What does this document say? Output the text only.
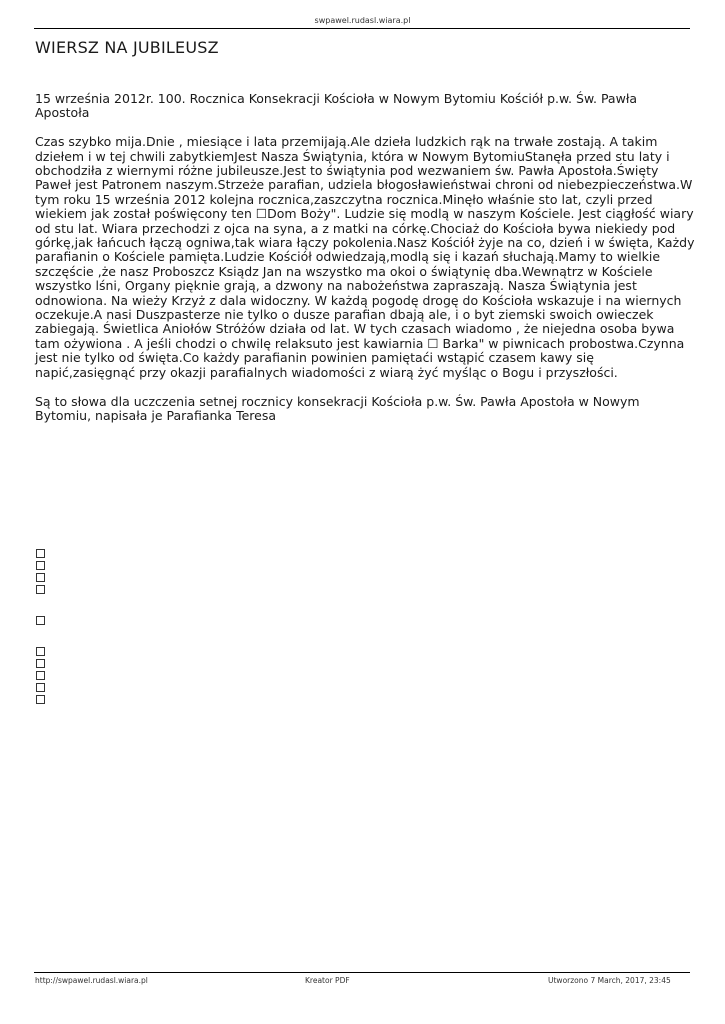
swpawel.rudasl.wiara.pl
WIERSZ NA JUBILEUSZ

15 września 2012r. 100. Rocznica Konsekracji Kościoła w Nowym Bytomiu Kościół p.w. Św. Pawła Apostoła

Czas szybko mija.Dnie , miesiące i lata przemijają.Ale dzieła ludzkich rąk na trwałe zostają. A takim dziełem i w tej chwili zabytkiemJest Nasza Świątynia, która w Nowym BytomiuStanęła przed stu laty i obchodziła z wiernymi różne jubileusze.Jest to świątynia pod wezwaniem św. Pawła Apostoła.Święty Paweł jest Patronem naszym.Strzeże parafian, udziela błogosławieństwai chroni od niebezpieczeństwa.W tym roku 15 września 2012 kolejna rocznica,zaszczytna rocznica.Minęło właśnie sto lat, czyli przed wiekiem jak został poświęcony ten ☐Dom Boży". Ludzie się modlą w naszym Kościele. Jest ciągłość wiary od stu lat. Wiara przechodzi z ojca na syna, a z matki na córkę.Chociaż do Kościoła bywa niekiedy pod górkę,jak łańcuch łączą ogniwa,tak wiara łączy pokolenia.Nasz Kościół żyje na co, dzień i w święta, Każdy parafianin o Kościele pamięta.Ludzie Kościół odwiedzają,modlą się i kazań słuchają.Mamy to wielkie szczęście ,że nasz Proboszcz Ksiądz Jan na wszystko ma okoi o świątynię dba.Wewnątrz w Kościele wszystko lśni, Organy pięknie grają, a dzwony na nabożeństwa zapraszają. Nasza Świątynia jest odnowiona. Na wieży Krzyż z dala widoczny. W każdą pogodę drogę do Kościoła wskazuje i na wiernych oczekuje.A nasi Duszpasterze nie tylko o dusze parafian dbają ale, i o byt ziemski swoich owieczek zabiegają. Świetlica Aniołów Stróżów działa od lat. W tych czasach wiadomo , że niejedna osoba bywa tam ożywiona . A jeśli chodzi o chwilę relaksuto jest kawiarnia ☐ Barka" w piwnicach probostwa.Czynna jest nie tylko od święta.Co każdy parafianin powinien pamiętaći wstąpić czasem kawy się napić,zasięgnąć przy okazji parafialnych wiadomości z wiarą żyć myśląc o Bogu i przyszłości.

Są to słowa dla uczczenia setnej rocznicy konsekracji Kościoła p.w. Św. Pawła Apostoła w Nowym Bytomiu, napisała je Parafianka Teresa

http://swpawel.rudasl.wiara.pl	Kreator PDF	Utworzono 7 March, 2017, 23:45
